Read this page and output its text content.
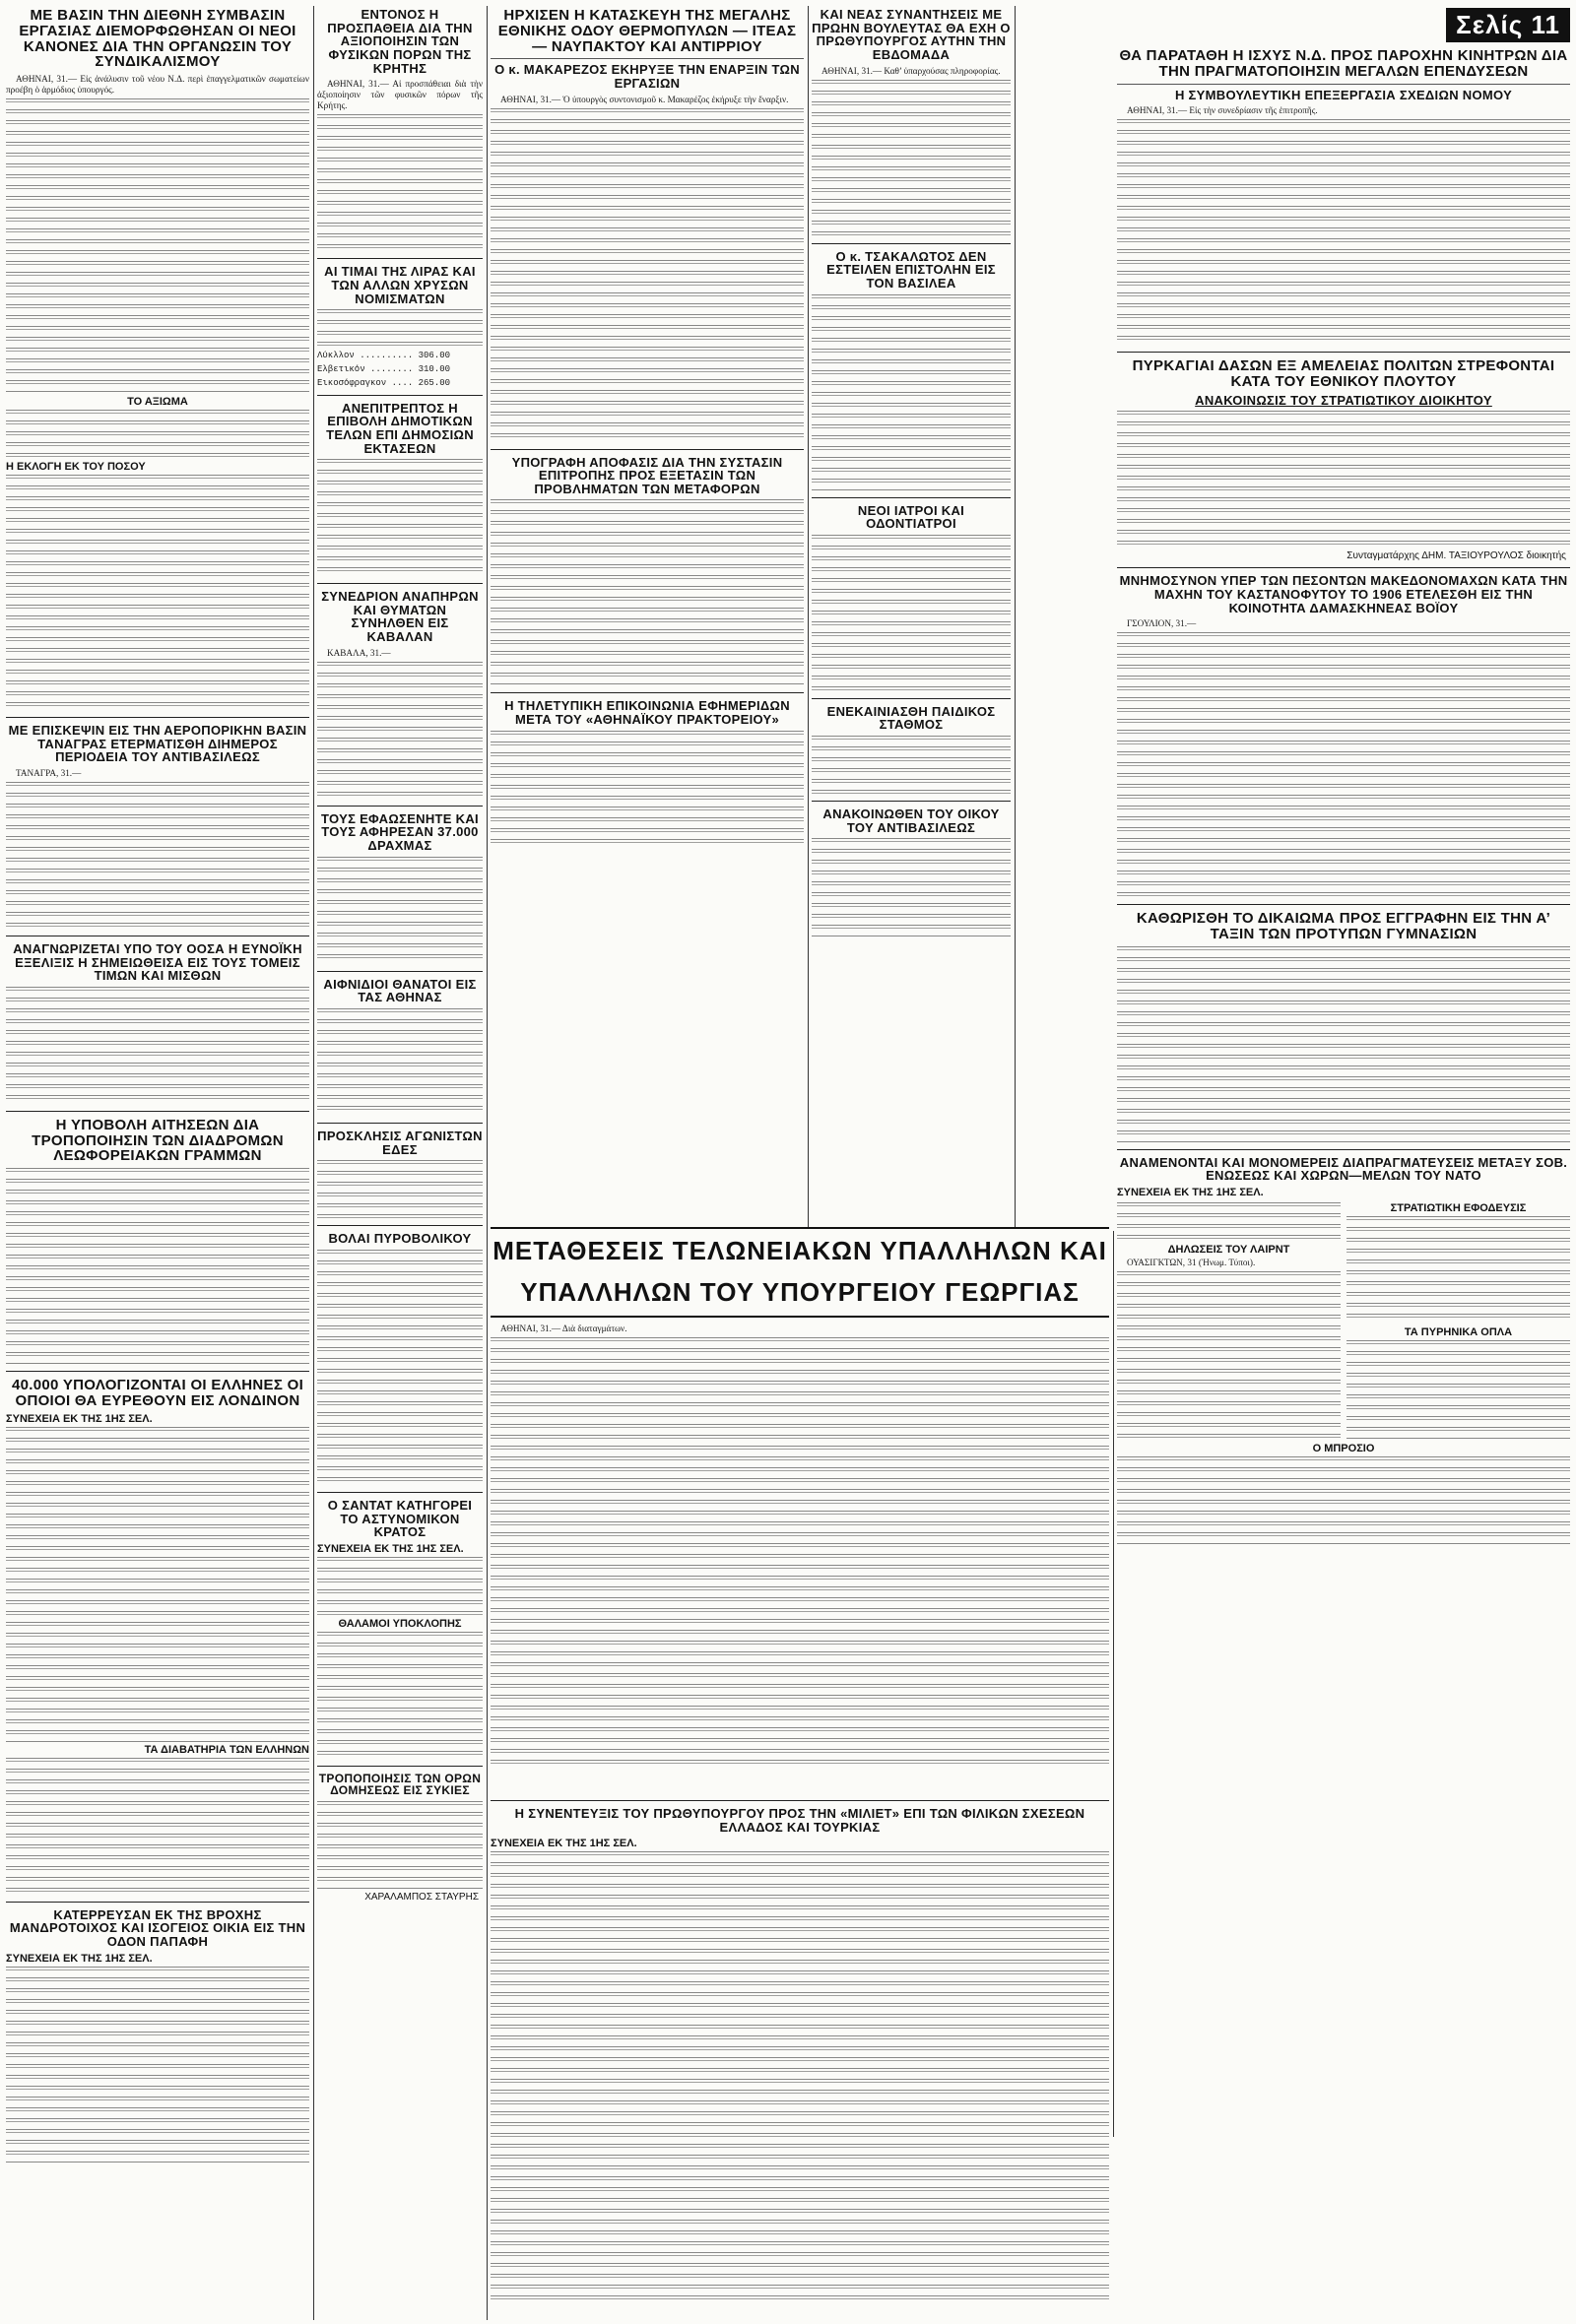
ΜΕ ΒΑΣΙΝ ΤΗΝ ΔΙΕΘΝΗ ΣΥΜΒΑΣΙΝ ΕΡΓΑΣΙΑΣ ΔΙΕΜΟΡΦΩΘΗΣΑΝ ΟΙ ΝΕΟΙ ΚΑΝΟΝΕΣ ΔΙΑ ΤΗΝ ΟΡΓΑΝΩΣΙΝ ΤΟΥ ΣΥΝΔΙΚΑΛΙΣΜΟΥ
ΑΘΗΝΑΙ, 31.— Εἰς ἀνάλυσιν τοῦ νέου Ν.Δ. περὶ ἐπαγγελματικῶν σωματείων προέβη ὁ ἁρμόδιος ὑπουργός.
ΤΟ ΑΞΙΩΜΑ
Η ΕΚΛΟΓΗ ΕΚ ΤΟΥ ΠΟΣΟΥ
ΜΕ ΕΠΙΣΚΕΨΙΝ ΕΙΣ ΤΗΝ ΑΕΡΟΠΟΡΙΚΗΝ ΒΑΣΙΝ ΤΑΝΑΓΡΑΣ ΕΤΕΡΜΑΤΙΣΘΗ ΔΙΗΜΕΡΟΣ ΠΕΡΙΟΔΕΙΑ ΤΟΥ ΑΝΤΙΒΑΣΙΛΕΩΣ
ΤΑΝΑΓΡΑ, 31.—
ΑΝΑΓΝΩΡΙΖΕΤΑΙ ΥΠΟ ΤΟΥ ΟΟΣΑ Η ΕΥΝΟΪΚΗ ΕΞΕΛΙΞΙΣ Η ΣΗΜΕΙΩΘΕΙΣΑ ΕΙΣ ΤΟΥΣ ΤΟΜΕΙΣ ΤΙΜΩΝ ΚΑΙ ΜΙΣΘΩΝ
Η ΥΠΟΒΟΛΗ ΑΙΤΗΣΕΩΝ ΔΙΑ ΤΡΟΠΟΠΟΙΗΣΙΝ ΤΩΝ ΔΙΑΔΡΟΜΩΝ ΛΕΩΦΟΡΕΙΑΚΩΝ ΓΡΑΜΜΩΝ
40.000 ΥΠΟΛΟΓΙΖΟΝΤΑΙ ΟΙ ΕΛΛΗΝΕΣ ΟΙ ΟΠΟΙΟΙ ΘΑ ΕΥΡΕΘΟΥΝ ΕΙΣ ΛΟΝΔΙΝΟΝ
ΣΥΝΕΧΕΙΑ ΕΚ ΤΗΣ 1ΗΣ ΣΕΛ.
ΤΑ ΔΙΑΒΑΤΗΡΙΑ ΤΩΝ ΕΛΛΗΝΩΝ
ΚΑΤΕΡΡΕΥΣΑΝ ΕΚ ΤΗΣ ΒΡΟΧΗΣ ΜΑΝΔΡΟΤΟΙΧΟΣ ΚΑΙ ΙΣΟΓΕΙΟΣ ΟΙΚΙΑ ΕΙΣ ΤΗΝ ΟΔΟΝ ΠΑΠΑΦΗ
ΣΥΝΕΧΕΙΑ ΕΚ ΤΗΣ 1ΗΣ ΣΕΛ.
ΕΝΤΟΝΟΣ Η ΠΡΟΣΠΑΘΕΙΑ ΔΙΑ ΤΗΝ ΑΞΙΟΠΟΙΗΣΙΝ ΤΩΝ ΦΥΣΙΚΩΝ ΠΟΡΩΝ ΤΗΣ ΚΡΗΤΗΣ
ΑΘΗΝΑΙ, 31.— Αἱ προσπάθειαι διὰ τὴν ἀξιοποίησιν τῶν φυσικῶν πόρων τῆς Κρήτης.
ΑΙ ΤΙΜΑΙ ΤΗΣ ΛΙΡΑΣ ΚΑΙ ΤΩΝ ΑΛΛΩΝ ΧΡΥΣΩΝ ΝΟΜΙΣΜΑΤΩΝ
Λύκλλον .......... 306.00
Ελβετικόν ........ 310.00
Εικοσόφραγκον .... 265.00
ΑΝΕΠΙΤΡΕΠΤΟΣ Η ΕΠΙΒΟΛΗ ΔΗΜΟΤΙΚΩΝ ΤΕΛΩΝ ΕΠΙ ΔΗΜΟΣΙΩΝ ΕΚΤΑΣΕΩΝ
ΣΥΝΕΔΡΙΟΝ ΑΝΑΠΗΡΩΝ ΚΑΙ ΘΥΜΑΤΩΝ ΣΥΝΗΛΘΕΝ ΕΙΣ ΚΑΒΑΛΑΝ
ΚΑΒΑΛΑ, 31.—
ΤΟΥΣ ΕΦΑΩΣΕΝΗΤΕ ΚΑΙ ΤΟΥΣ ΑΦΗΡΕΣΑΝ 37.000 ΔΡΑΧΜΑΣ
ΑΙΦΝΙΔΙΟΙ ΘΑΝΑΤΟΙ ΕΙΣ ΤΑΣ ΑΘΗΝΑΣ
ΠΡΟΣΚΛΗΣΙΣ ΑΓΩΝΙΣΤΩΝ ΕΔΕΣ
ΒΟΛΑΙ ΠΥΡΟΒΟΛΙΚΟΥ
Ο ΣΑΝΤΑΤ ΚΑΤΗΓΟΡΕΙ ΤΟ ΑΣΤΥΝΟΜΙΚΟΝ ΚΡΑΤΟΣ
ΣΥΝΕΧΕΙΑ ΕΚ ΤΗΣ 1ΗΣ ΣΕΛ.
ΘΑΛΑΜΟΙ ΥΠΟΚΛΟΠΗΣ
ΤΡΟΠΟΠΟΙΗΣΙΣ ΤΩΝ ΟΡΩΝ ΔΟΜΗΣΕΩΣ ΕΙΣ ΣΥΚΙΕΣ
ΧΑΡΑΛΑΜΠΟΣ ΣΤΑΥΡΗΣ
ΗΡΧΙΣΕΝ Η ΚΑΤΑΣΚΕΥΗ ΤΗΣ ΜΕΓΑΛΗΣ ΕΘΝΙΚΗΣ ΟΔΟΥ ΘΕΡΜΟΠΥΛΩΝ — ΙΤΕΑΣ — ΝΑΥΠΑΚΤΟΥ ΚΑΙ ΑΝΤΙΡΡΙΟΥ
Ο κ. ΜΑΚΑΡΕΖΟΣ ΕΚΗΡΥΞΕ ΤΗΝ ΕΝΑΡΞΙΝ ΤΩΝ ΕΡΓΑΣΙΩΝ
ΑΘΗΝΑΙ, 31.— Ὁ ὑπουργὸς συντονισμοῦ κ. Μακαρέζος ἐκήρυξε τὴν ἔναρξιν.
ΥΠΟΓΡΑΦΗ ΑΠΟΦΑΣΙΣ ΔΙΑ ΤΗΝ ΣΥΣΤΑΣΙΝ ΕΠΙΤΡΟΠΗΣ ΠΡΟΣ ΕΞΕΤΑΣΙΝ ΤΩΝ ΠΡΟΒΛΗΜΑΤΩΝ ΤΩΝ ΜΕΤΑΦΟΡΩΝ
Η ΤΗΛΕΤΥΠΙΚΗ ΕΠΙΚΟΙΝΩΝΙΑ ΕΦΗΜΕΡΙΔΩΝ ΜΕΤΑ ΤΟΥ «ΑΘΗΝΑΪΚΟΥ ΠΡΑΚΤΟΡΕΙΟΥ»
ΚΑΙ ΝΕΑΣ ΣΥΝΑΝΤΗΣΕΙΣ ΜΕ ΠΡΩΗΝ ΒΟΥΛΕΥΤΑΣ ΘΑ ΕΧΗ Ο ΠΡΩΘΥΠΟΥΡΓΟΣ ΑΥΤΗΝ ΤΗΝ ΕΒΔΟΜΑΔΑ
ΑΘΗΝΑΙ, 31.— Καθ’ ὑπαρχούσας πληροφορίας.
Ο κ. ΤΣΑΚΑΛΩΤΟΣ ΔΕΝ ΕΣΤΕΙΛΕΝ ΕΠΙΣΤΟΛΗΝ ΕΙΣ ΤΟΝ ΒΑΣΙΛΕΑ
ΝΕΟΙ ΙΑΤΡΟΙ ΚΑΙ ΟΔΟΝΤΙΑΤΡΟΙ
ΕΝΕΚΑΙΝΙΑΣΘΗ ΠΑΙΔΙΚΟΣ ΣΤΑΘΜΟΣ
ΑΝΑΚΟΙΝΩΘΕΝ ΤΟΥ ΟΙΚΟΥ ΤΟΥ ΑΝΤΙΒΑΣΙΛΕΩΣ
Σελίς 11
ΘΑ ΠΑΡΑΤΑΘΗ Η ΙΣΧΥΣ Ν.Δ. ΠΡΟΣ ΠΑΡΟΧΗΝ ΚΙΝΗΤΡΩΝ ΔΙΑ ΤΗΝ ΠΡΑΓΜΑΤΟΠΟΙΗΣΙΝ ΜΕΓΑΛΩΝ ΕΠΕΝΔΥΣΕΩΝ
Η ΣΥΜΒΟΥΛΕΥΤΙΚΗ ΕΠΕΞΕΡΓΑΣΙΑ ΣΧΕΔΙΩΝ ΝΟΜΟΥ
ΑΘΗΝΑΙ, 31.— Εἰς τὴν συνεδρίασιν τῆς ἐπιτροπῆς.
ΠΥΡΚΑΓΙΑΙ ΔΑΣΩΝ ΕΞ ΑΜΕΛΕΙΑΣ ΠΟΛΙΤΩΝ ΣΤΡΕΦΟΝΤΑΙ ΚΑΤΑ ΤΟΥ ΕΘΝΙΚΟΥ ΠΛΟΥΤΟΥ
ΑΝΑΚΟΙΝΩΣΙΣ ΤΟΥ ΣΤΡΑΤΙΩΤΙΚΟΥ ΔΙΟΙΚΗΤΟΥ
Συνταγματάρχης ΔΗΜ. ΤΑΞΙΟΥΡΟΥΛΟΣ διοικητής
ΜΝΗΜΟΣΥΝΟΝ ΥΠΕΡ ΤΩΝ ΠΕΣΟΝΤΩΝ ΜΑΚΕΔΟΝΟΜΑΧΩΝ ΚΑΤΑ ΤΗΝ ΜΑΧΗΝ ΤΟΥ ΚΑΣΤΑΝΟΦΥΤΟΥ ΤΟ 1906 ΕΤΕΛΕΣΘΗ ΕΙΣ ΤΗΝ ΚΟΙΝΟΤΗΤΑ ΔΑΜΑΣΚΗΝΕΑΣ ΒΟΪΟΥ
ΓΣΟΥΛΙΟΝ, 31.—
ΚΑΘΩΡΙΣΘΗ ΤΟ ΔΙΚΑΙΩΜΑ ΠΡΟΣ ΕΓΓΡΑΦΗΝ ΕΙΣ ΤΗΝ Α’ ΤΑΞΙΝ ΤΩΝ ΠΡΟΤΥΠΩΝ ΓΥΜΝΑΣΙΩΝ
ΑΝΑΜΕΝΟΝΤΑΙ ΚΑΙ ΜΟΝΟΜΕΡΕΙΣ ΔΙΑΠΡΑΓΜΑΤΕΥΣΕΙΣ ΜΕΤΑΞΥ ΣΟΒ. ΕΝΩΣΕΩΣ ΚΑΙ ΧΩΡΩΝ—ΜΕΛΩΝ ΤΟΥ ΝΑΤΟ
ΣΥΝΕΧΕΙΑ ΕΚ ΤΗΣ 1ΗΣ ΣΕΛ.
ΔΗΛΩΣΕΙΣ ΤΟΥ ΛΑΙΡΝΤ
ΟΥΑΣΙΓΚΤΩΝ, 31 (Ἡνωμ. Τύποι).
ΣΤΡΑΤΙΩΤΙΚΗ ΕΦΟΔΕΥΣΙΣ
ΤΑ ΠΥΡΗΝΙΚΑ ΟΠΛΑ
Ο ΜΠΡΟΣΙΟ
ΜΕΤΑΘΕΣΕΙΣ ΤΕΛΩΝΕΙΑΚΩΝ ΥΠΑΛΛΗΛΩΝ ΚΑΙ ΥΠΑΛΛΗΛΩΝ ΤΟΥ ΥΠΟΥΡΓΕΙΟΥ ΓΕΩΡΓΙΑΣ
ΑΘΗΝΑΙ, 31.— Διὰ διαταγμάτων.
Η ΣΥΝΕΝΤΕΥΞΙΣ ΤΟΥ ΠΡΩΘΥΠΟΥΡΓΟΥ ΠΡΟΣ ΤΗΝ «ΜΙΛΙΕΤ» ΕΠΙ ΤΩΝ ΦΙΛΙΚΩΝ ΣΧΕΣΕΩΝ ΕΛΛΑΔΟΣ ΚΑΙ ΤΟΥΡΚΙΑΣ
ΣΥΝΕΧΕΙΑ ΕΚ ΤΗΣ 1ΗΣ ΣΕΛ.
